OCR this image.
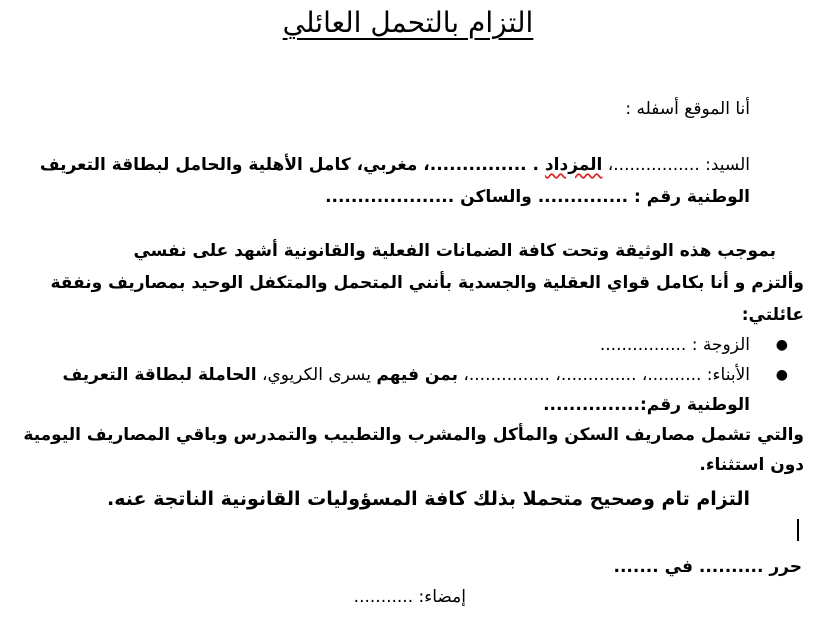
التزام بالتحمل العائلي
أنا الموقع أسفله :
السيد: ................، المزداد . ...............، مغربي، كامل الأهلية والحامل لبطاقة التعريف
الوطنية رقم : .............. والساكن ....................
بموجب هذه الوثيقة وتحت كافة الضمانات الفعلية والقانونية أشهد على نفسي
وألتزم و أنا بكامل قواي العقلية والجسدية بأنني المتحمل والمتكفل الوحيد بمصاريف ونفقة
عائلتي:
●
الزوجة : ................
●
الأبناء: ..........، ..............، ...............، بمن فيهم يسرى الكريوي، الحاملة لبطاقة التعريف
الوطنية رقم:...............
والتي تشمل مصاريف السكن والمأكل والمشرب والتطبيب والتمدرس وباقي المصاريف اليومية
دون استثناء.
التزام تام وصحيح متحملا بذلك كافة المسؤوليات القانونية الناتجة عنه.
حرر .......... في .......
إمضاء: ...........
